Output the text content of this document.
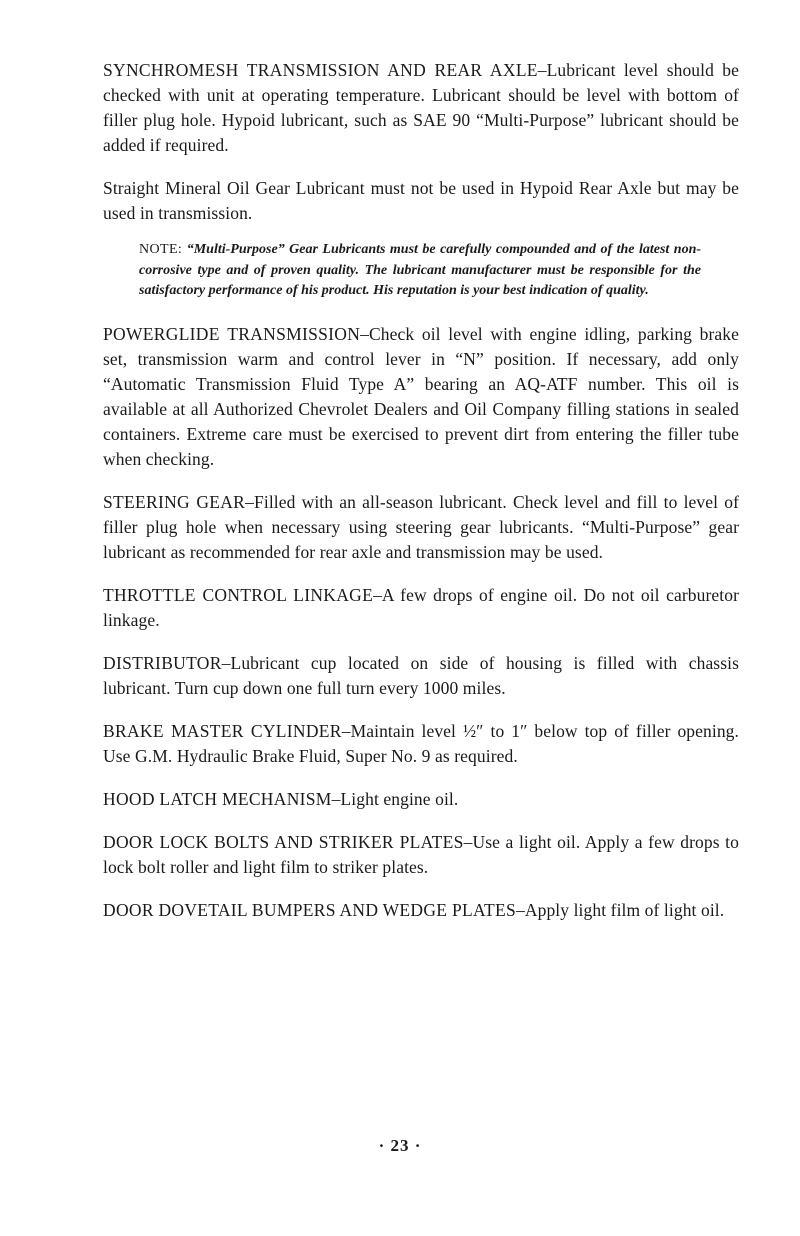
SYNCHROMESH TRANSMISSION AND REAR AXLE–Lubricant level should be checked with unit at operating temperature. Lubricant should be level with bottom of filler plug hole. Hypoid lubricant, such as SAE 90 “Multi-Purpose” lubricant should be added if required.

Straight Mineral Oil Gear Lubricant must not be used in Hypoid Rear Axle but may be used in transmission.

NOTE: “Multi-Purpose” Gear Lubricants must be carefully compounded and of the latest non-corrosive type and of proven quality. The lubricant manufacturer must be responsible for the satisfactory performance of his product. His reputation is your best indication of quality.

POWERGLIDE TRANSMISSION–Check oil level with engine idling, parking brake set, transmission warm and control lever in “N” position. If necessary, add only “Automatic Transmission Fluid Type A” bearing an AQ-ATF number. This oil is available at all Authorized Chevrolet Dealers and Oil Company filling stations in sealed containers. Extreme care must be exercised to prevent dirt from entering the filler tube when checking.

STEERING GEAR–Filled with an all-season lubricant. Check level and fill to level of filler plug hole when necessary using steering gear lubricants. “Multi-Purpose” gear lubricant as recommended for rear axle and transmission may be used.

THROTTLE CONTROL LINKAGE–A few drops of engine oil. Do not oil carburetor linkage.

DISTRIBUTOR–Lubricant cup located on side of housing is filled with chassis lubricant. Turn cup down one full turn every 1000 miles.

BRAKE MASTER CYLINDER–Maintain level ½″ to 1″ below top of filler opening. Use G.M. Hydraulic Brake Fluid, Super No. 9 as required.

HOOD LATCH MECHANISM–Light engine oil.

DOOR LOCK BOLTS AND STRIKER PLATES–Use a light oil. Apply a few drops to lock bolt roller and light film to striker plates.

DOOR DOVETAIL BUMPERS AND WEDGE PLATES–Apply light film of light oil.

· 23 ·
